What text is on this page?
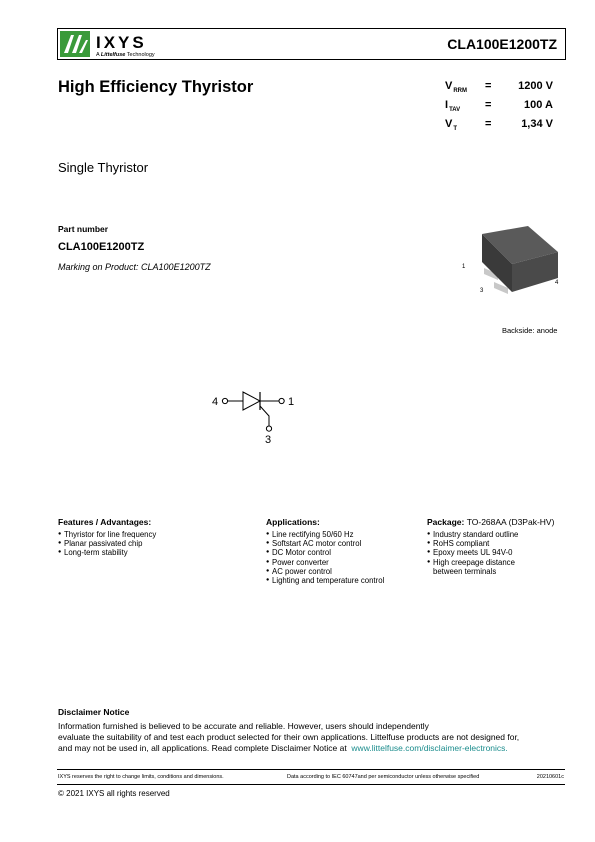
IXYS
A Littelfuse Technology
CLA100E1200TZ
High Efficiency Thyristor	$V_{RRM} = 1200$ V
$I_{TAV}$ =	100 A
$V_T$	=	1,34 V
Single Thyristor
Part number
CLA100E1200TZ
Marking on Product: CLA100E1200TZ	1
3
4
Backside: anode
4	1
3
Features / Advantages:
● Thyristor for line frequency
● Planar passivated chip
● Long-term stability
Applications:
● Line rectifying 50/60 Hz
● Softstart AC motor control
● DC Motor control
● Power converter
● AC power control
● Lighting and temperature control
Package: TO-268AA (D3Pak-HV)
● Industry standard outline
● RoHS compliant
● Epoxy meets UL 94V-0
● High creepage distance
between terminals
Disclaimer Notice
Information furnished is believed to be accurate and reliable. However, users should independently
evaluate the suitability of and test each product selected for their own applications. Littelfuse products are not designed for,
and may not be used in, all applications. Read complete Disclaimer Notice at www.littelfuse.com/disclaimer-electronics.
IXYS reserves the right to change limits, conditions and dimensions.	Data according to IEC 60747and per semiconductor unless otherwise specified	20210601c
© 2021 IXYS all rights reserved
